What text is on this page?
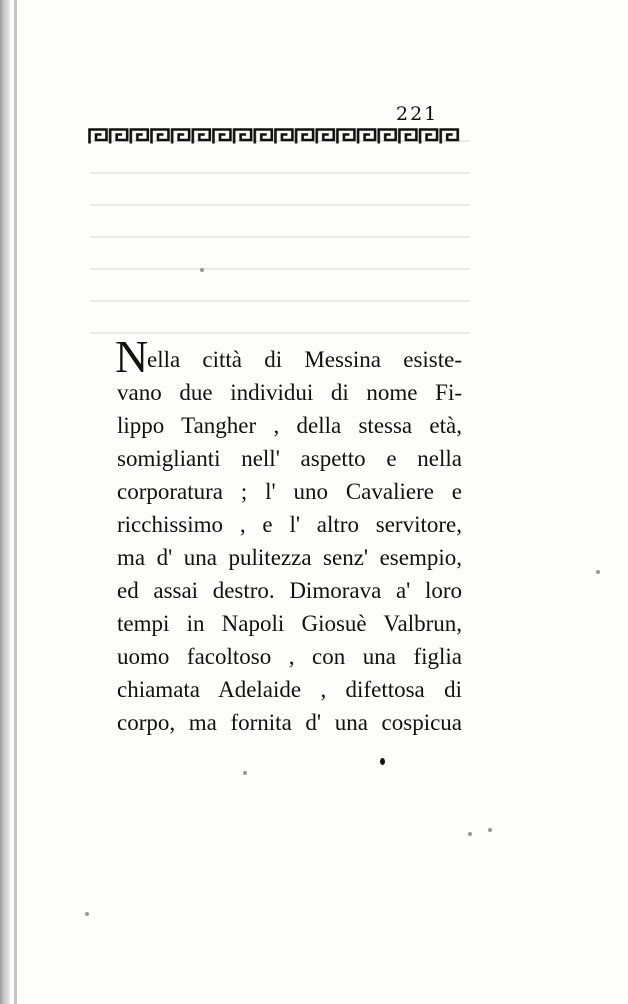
221
N
ella città di Messina esiste-
vano due individui di nome Fi-
lippo Tangher , della stessa età,
somiglianti nell' aspetto e nella
corporatura ; l' uno Cavaliere e
ricchissimo , e l' altro servitore,
ma d' una pulitezza senz' esempio,
ed assai destro. Dimorava a' loro
tempi in Napoli Giosuè Valbrun,
uomo facoltoso , con una figlia
chiamata Adelaide , difettosa di
corpo, ma fornita d' una cospicua
